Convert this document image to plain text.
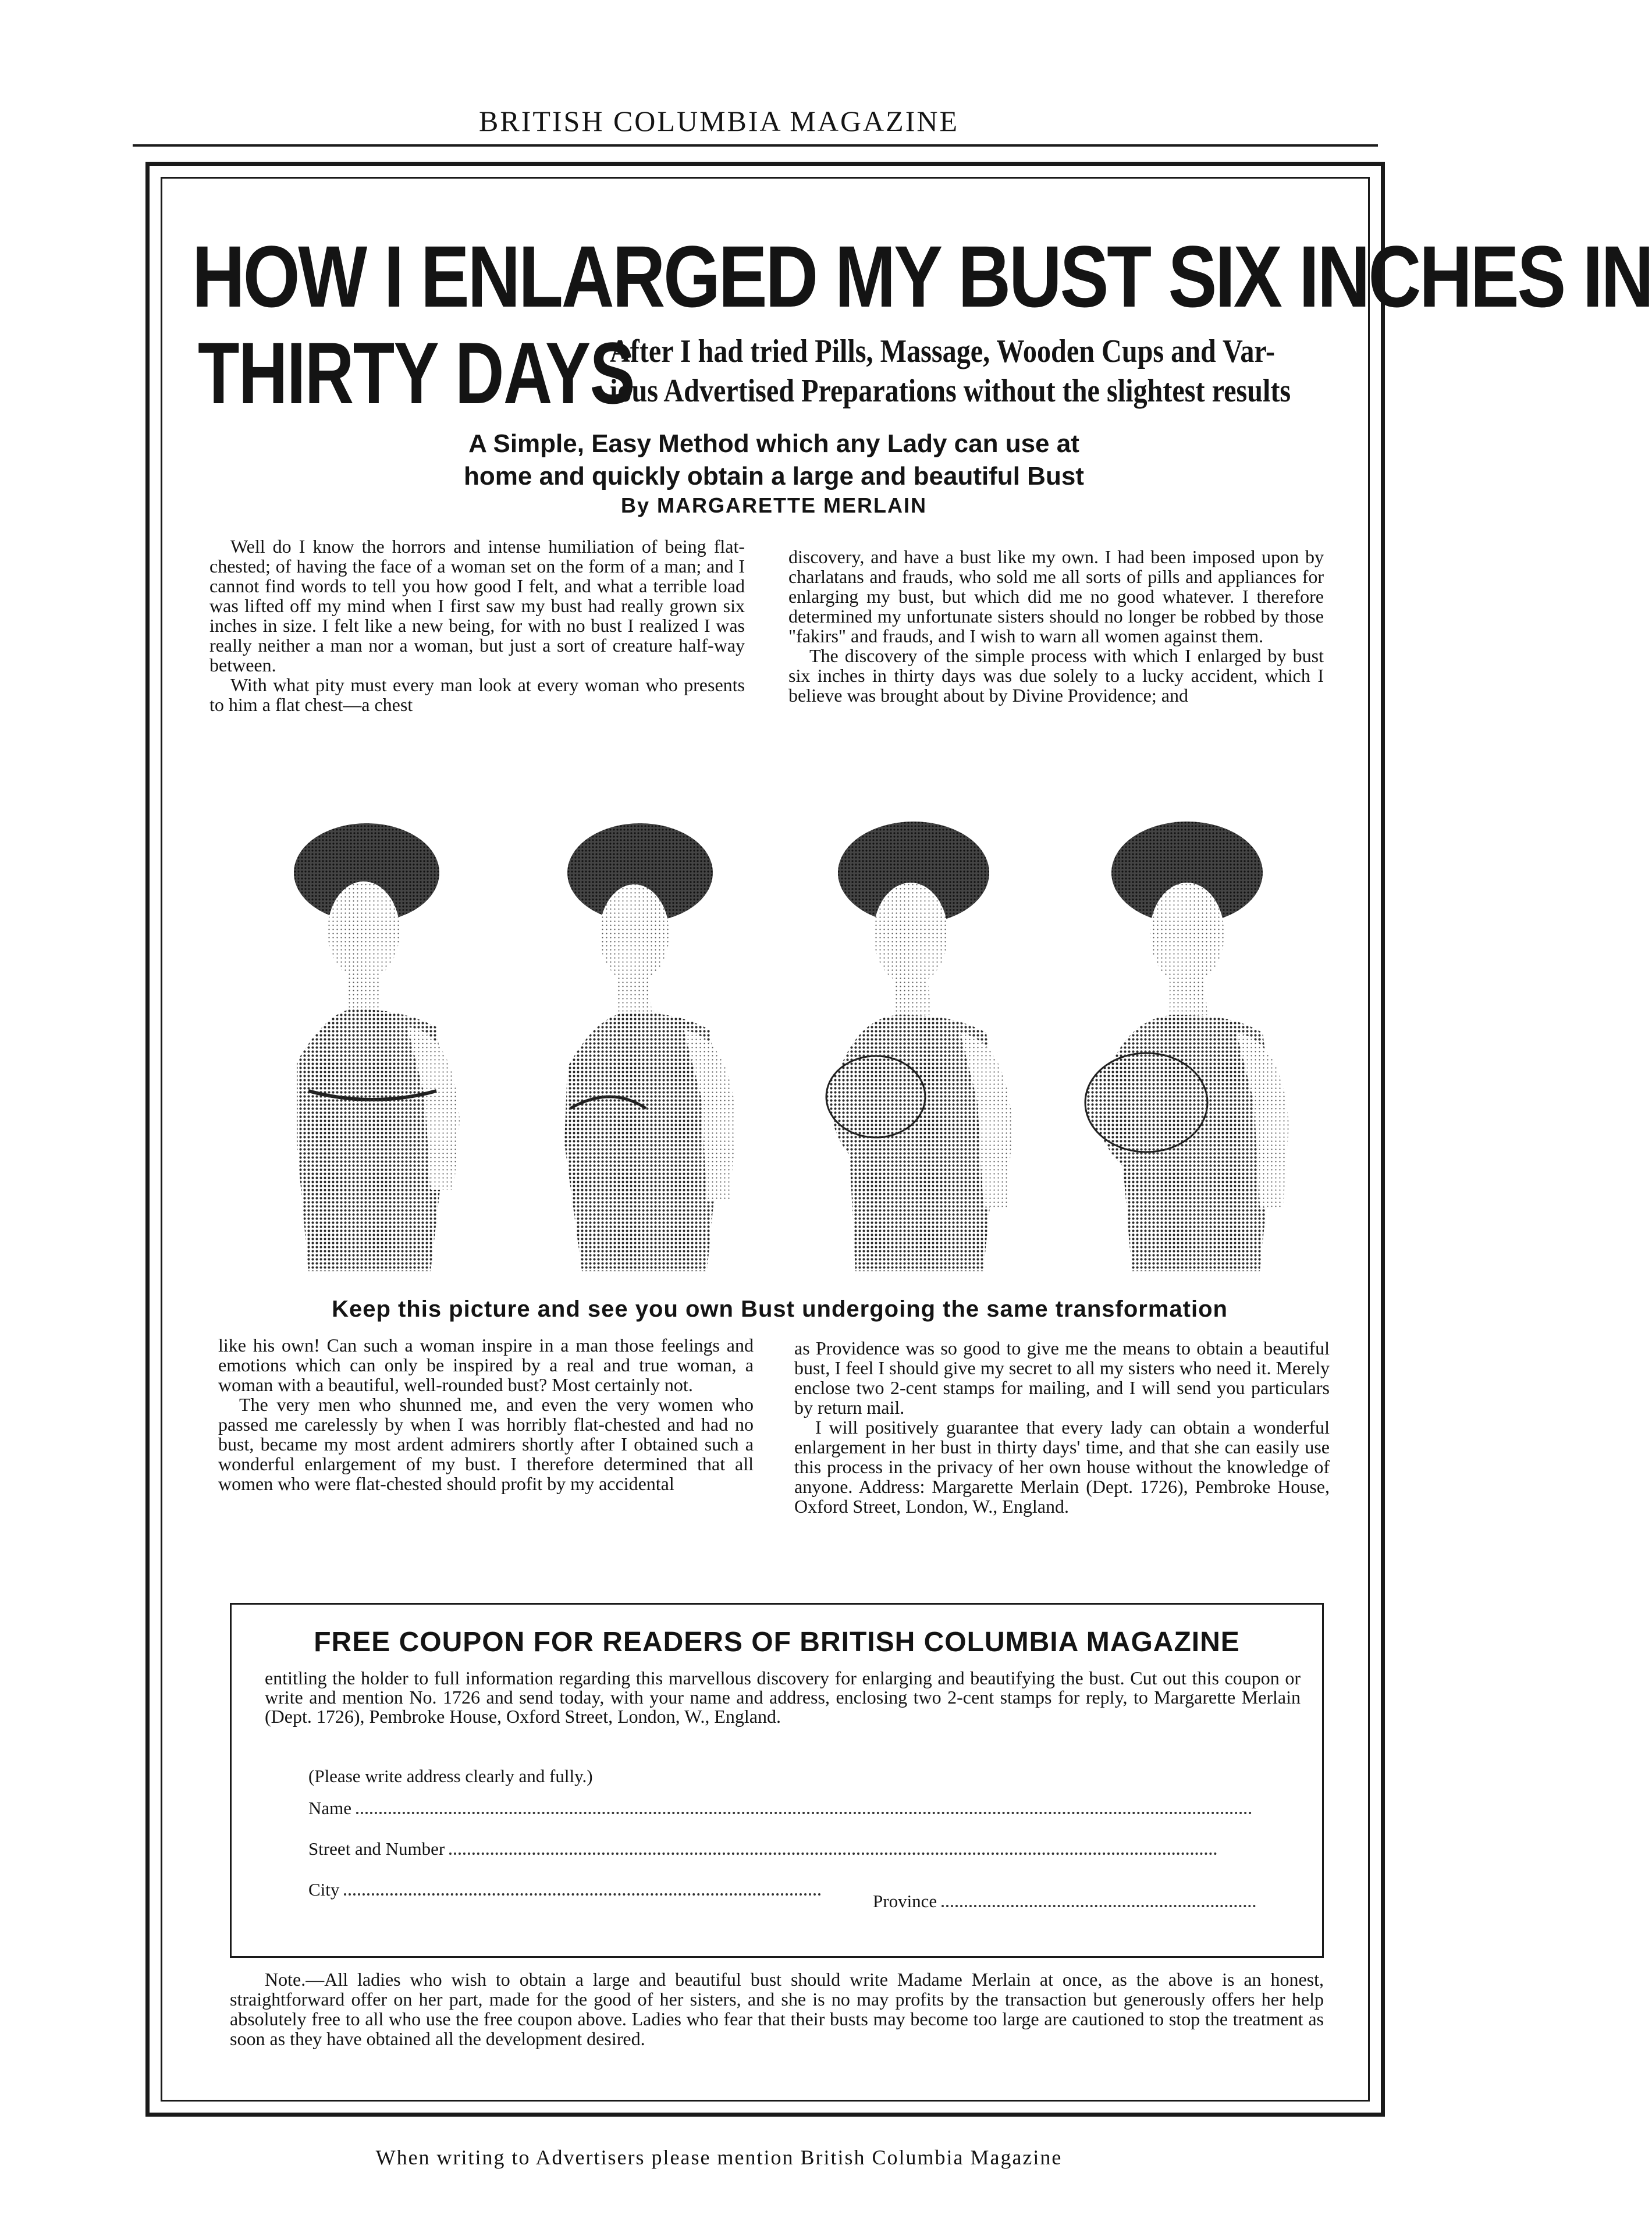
BRITISH COLUMBIA MAGAZINE
HOW I ENLARGED MY BUST SIX INCHES IN
THIRTY DAYS
After I had tried Pills, Massage, Wooden Cups and Var-
ious Advertised Preparations without the slightest results
A Simple, Easy Method which any Lady can use at
home and quickly obtain a large and beautiful Bust
By MARGARETTE MERLAIN

Well do I know the horrors and intense humiliation of being flat-chested; of having the face of a woman set on the form of a man; and I cannot find words to tell you how good I felt, and what a terrible load was lifted off my mind when I first saw my bust had really grown six inches in size. I felt like a new being, for with no bust I realized I was really neither a man nor a woman, but just a sort of creature half-way between.

With what pity must every man look at every woman who presents to him a flat chest—a chest

discovery, and have a bust like my own. I had been imposed upon by charlatans and frauds, who sold me all sorts of pills and appliances for enlarging my bust, but which did me no good whatever. I therefore determined my unfortunate sisters should no longer be robbed by those "fakirs" and frauds, and I wish to warn all women against them.

The discovery of the simple process with which I enlarged by bust six inches in thirty days was due solely to a lucky accident, which I believe was brought about by Divine Providence; and

Keep this picture and see you own Bust undergoing the same transformation

like his own! Can such a woman inspire in a man those feelings and emotions which can only be inspired by a real and true woman, a woman with a beautiful, well-rounded bust? Most certainly not.

The very men who shunned me, and even the very women who passed me carelessly by when I was horribly flat-chested and had no bust, became my most ardent admirers shortly after I obtained such a wonderful enlargement of my bust. I therefore determined that all women who were flat-chested should profit by my accidental

as Providence was so good to give me the means to obtain a beautiful bust, I feel I should give my secret to all my sisters who need it. Merely enclose two 2-cent stamps for mailing, and I will send you particulars by return mail.

I will positively guarantee that every lady can obtain a wonderful enlargement in her bust in thirty days' time, and that she can easily use this process in the privacy of her own house without the knowledge of anyone. Address: Margarette Merlain (Dept. 1726), Pembroke House, Oxford Street, London, W., England.

FREE COUPON FOR READERS OF BRITISH COLUMBIA MAGAZINE

entitling the holder to full information regarding this marvellous discovery for enlarging and beautifying the bust. Cut out this coupon or write and mention No. 1726 and send today, with your name and address, enclosing two 2-cent stamps for reply, to Margarette Merlain (Dept. 1726), Pembroke House, Oxford Street, London, W., England.

(Please write address clearly and fully.)
Name
Street and Number
City
Province

Note.—All ladies who wish to obtain a large and beautiful bust should write Madame Merlain at once, as the above is an honest, straightforward offer on her part, made for the good of her sisters, and she is no may profits by the transaction but generously offers her help absolutely free to all who use the free coupon above. Ladies who fear that their busts may become too large are cautioned to stop the treatment as soon as they have obtained all the development desired.

When writing to Advertisers please mention British Columbia Magazine
